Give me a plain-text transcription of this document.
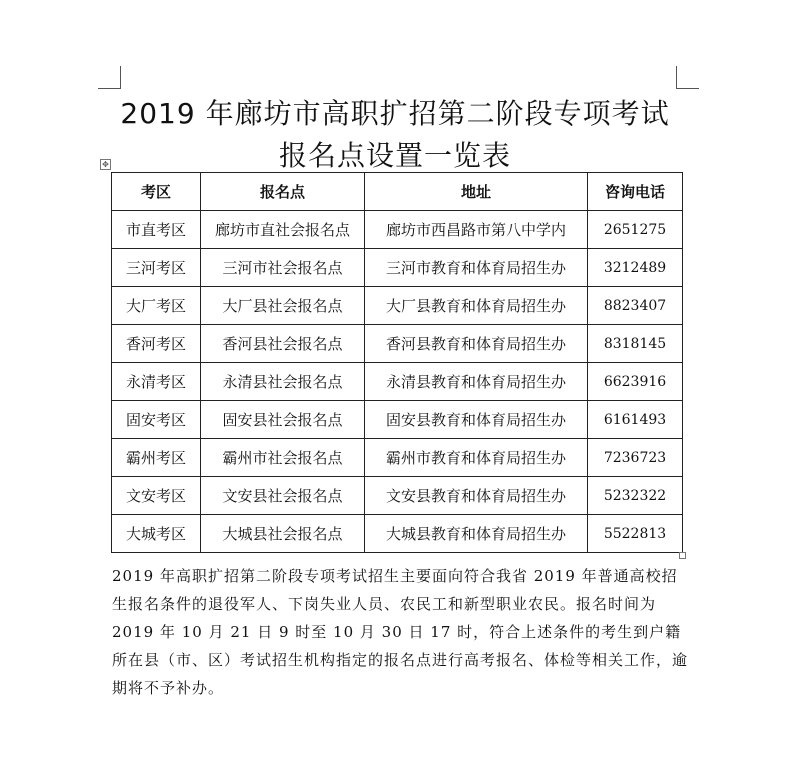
2019 年廊坊市高职扩招第二阶段专项考试
报名点设置一览表
✥
考区	报名点	地址	咨询电话
市直考区	廊坊市直社会报名点	廊坊市西昌路市第八中学内	2651275
三河考区	三河市社会报名点	三河市教育和体育局招生办	3212489
大厂考区	大厂县社会报名点	大厂县教育和体育局招生办	8823407
香河考区	香河县社会报名点	香河县教育和体育局招生办	8318145
永清考区	永清县社会报名点	永清县教育和体育局招生办	6623916
固安考区	固安县社会报名点	固安县教育和体育局招生办	6161493
霸州考区	霸州市社会报名点	霸州市教育和体育局招生办	7236723
文安考区	文安县社会报名点	文安县教育和体育局招生办	5232322
大城考区	大城县社会报名点	大城县教育和体育局招生办	5522813

2019 年高职扩招第二阶段专项考试招生主要面向符合我省 2019 年普通高校招生报名条件的退役军人、下岗失业人员、农民工和新型职业农民。报名时间为 2019 年 10 月 21 日 9 时至 10 月 30 日 17 时，符合上述条件的考生到户籍所在县（市、区）考试招生机构指定的报名点进行高考报名、体检等相关工作，逾期将不予补办。
